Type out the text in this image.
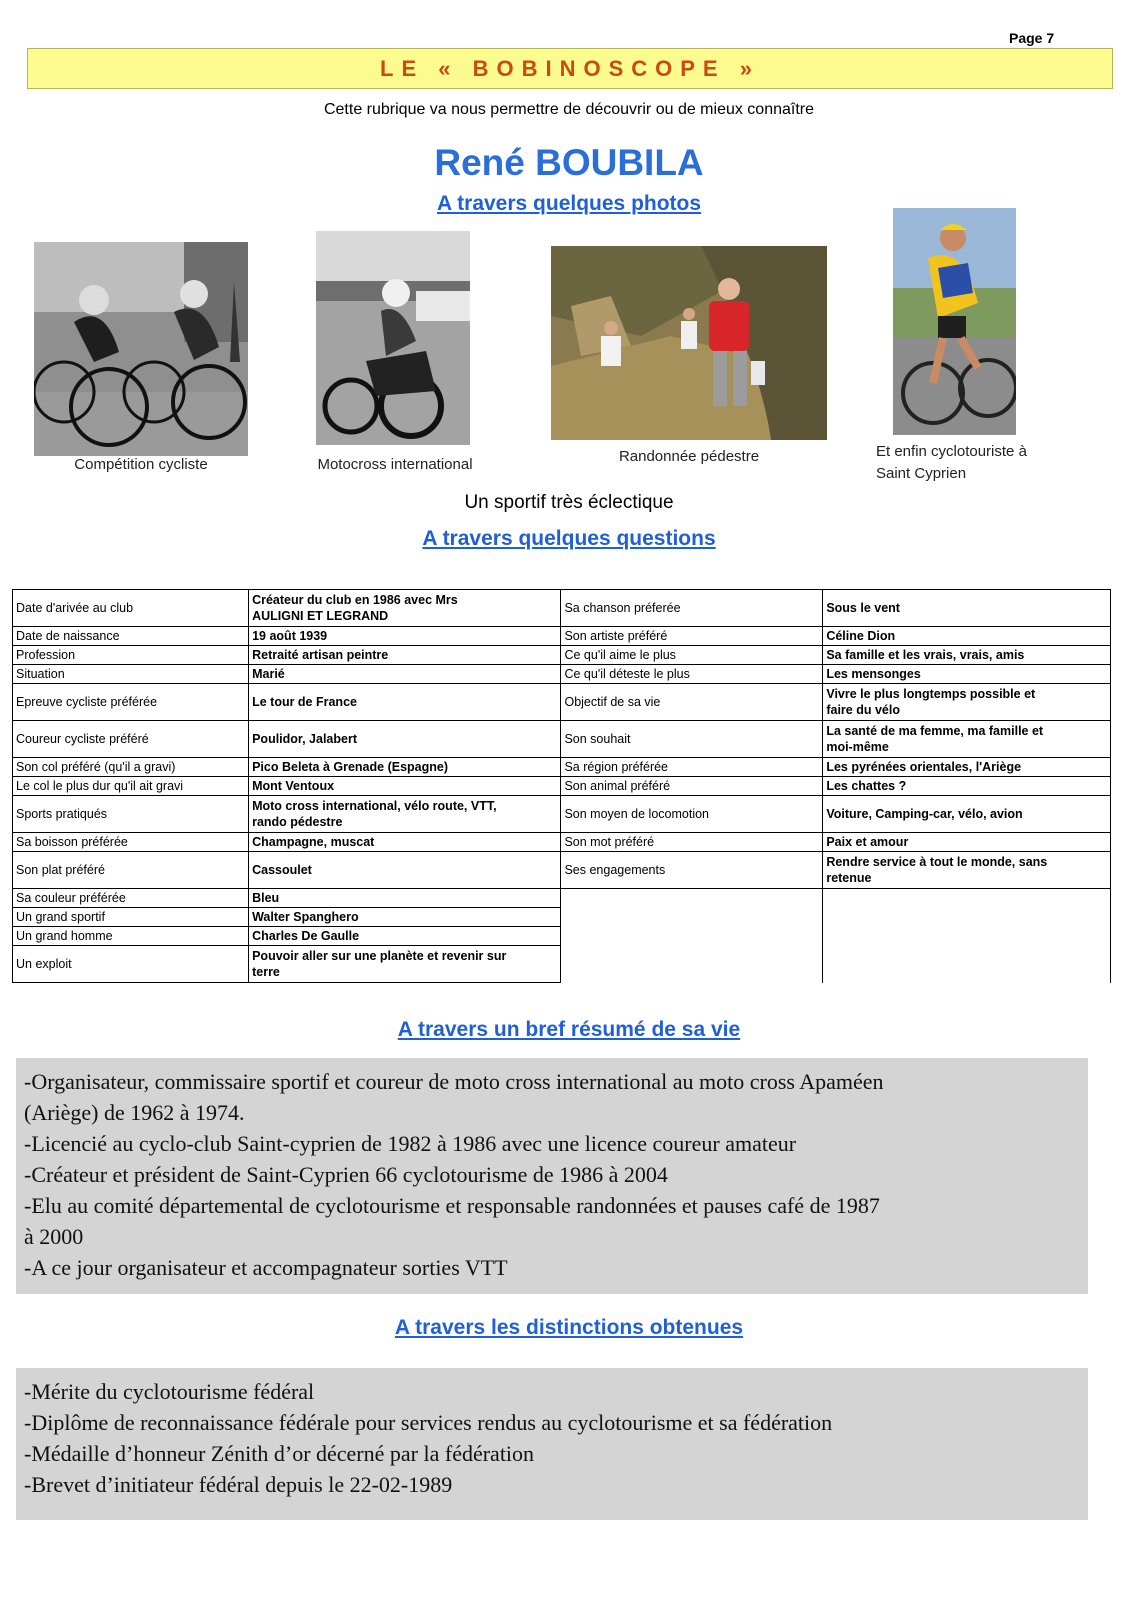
Page 7
LE « BOBINOSCOPE »
Cette rubrique va nous permettre de découvrir ou de mieux connaître
René BOUBILA
A travers quelques photos
Compétition cycliste	Motocross international	Randonnée pédestre	Et enfin cyclotouriste à
Saint Cyprien
Un sportif très éclectique
A travers quelques questions
Date d'arivée au club	Créateur du club en 1986 avec Mrs
AULIGNI ET LEGRAND	Sa chanson préferée	Sous le vent

Date de naissance	19 août 1939	Son artiste préféré	Céline Dion

Profession	Retraité artisan peintre	Ce qu'il aime le plus	Sa famille et les vrais, vrais, amis

Situation	Marié	Ce qu'il déteste le plus	Les mensonges

Epreuve cycliste préférée	Le tour de France	Objectif de sa vie	Vivre le plus longtemps possible et
faire du vélo

Coureur cycliste préféré	Poulidor, Jalabert	Son souhait	La santé de ma femme, ma famille et
moi-même

Son col préféré (qu'il a gravi)	Pico Beleta à Grenade (Espagne)	Sa région préférée	Les pyrénées orientales, l'Ariège

Le col le plus dur qu'il ait gravi	Mont Ventoux	Son animal préféré	Les chattes ?

Sports pratiqués	Moto cross international, vélo route, VTT,
rando pédestre	Son moyen de locomotion	Voiture, Camping-car, vélo, avion

Sa boisson préférée	Champagne, muscat	Son mot préféré	Paix et amour

Son plat préféré	Cassoulet	Ses engagements	Rendre service à tout le monde, sans
retenue

Sa couleur préférée	Bleu		

Un grand sportif	Walter Spanghero		

Un grand homme	Charles De Gaulle		

Un exploit	Pouvoir aller sur une planète et revenir sur
terre		

A travers un bref résumé de sa vie
-Organisateur, commissaire sportif et coureur de moto cross international au moto cross Apaméen
(Ariège) de 1962 à 1974.
-Licencié au cyclo-club Saint-cyprien de 1982 à 1986 avec une licence coureur amateur
-Créateur et président de Saint-Cyprien 66 cyclotourisme de 1986 à 2004
-Elu au comité départemental de cyclotourisme et responsable randonnées et pauses café de 1987
à 2000
-A ce jour organisateur et accompagnateur sorties VTT
A travers les distinctions obtenues
-Mérite du cyclotourisme fédéral
-Diplôme de reconnaissance fédérale pour services rendus au cyclotourisme et sa fédération
-Médaille d’honneur Zénith d’or décerné par la fédération
-Brevet d’initiateur fédéral depuis le 22-02-1989
